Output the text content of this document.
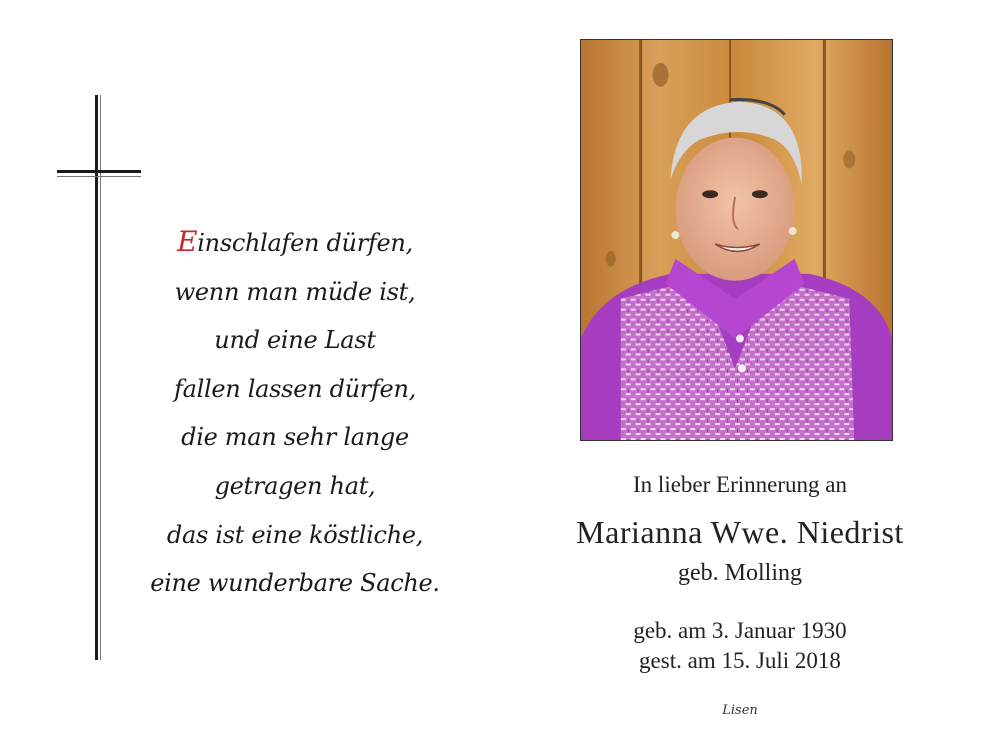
Einschlafen dürfen,
wenn man müde ist,
und eine Last
fallen lassen dürfen,
die man sehr lange
getragen hat,
das ist eine köstliche,
eine wunderbare Sache.
In lieber Erinnerung an
Marianna Wwe. Niedrist
geb. Molling
geb. am 3. Januar 1930
gest. am 15. Juli 2018
Lisen
